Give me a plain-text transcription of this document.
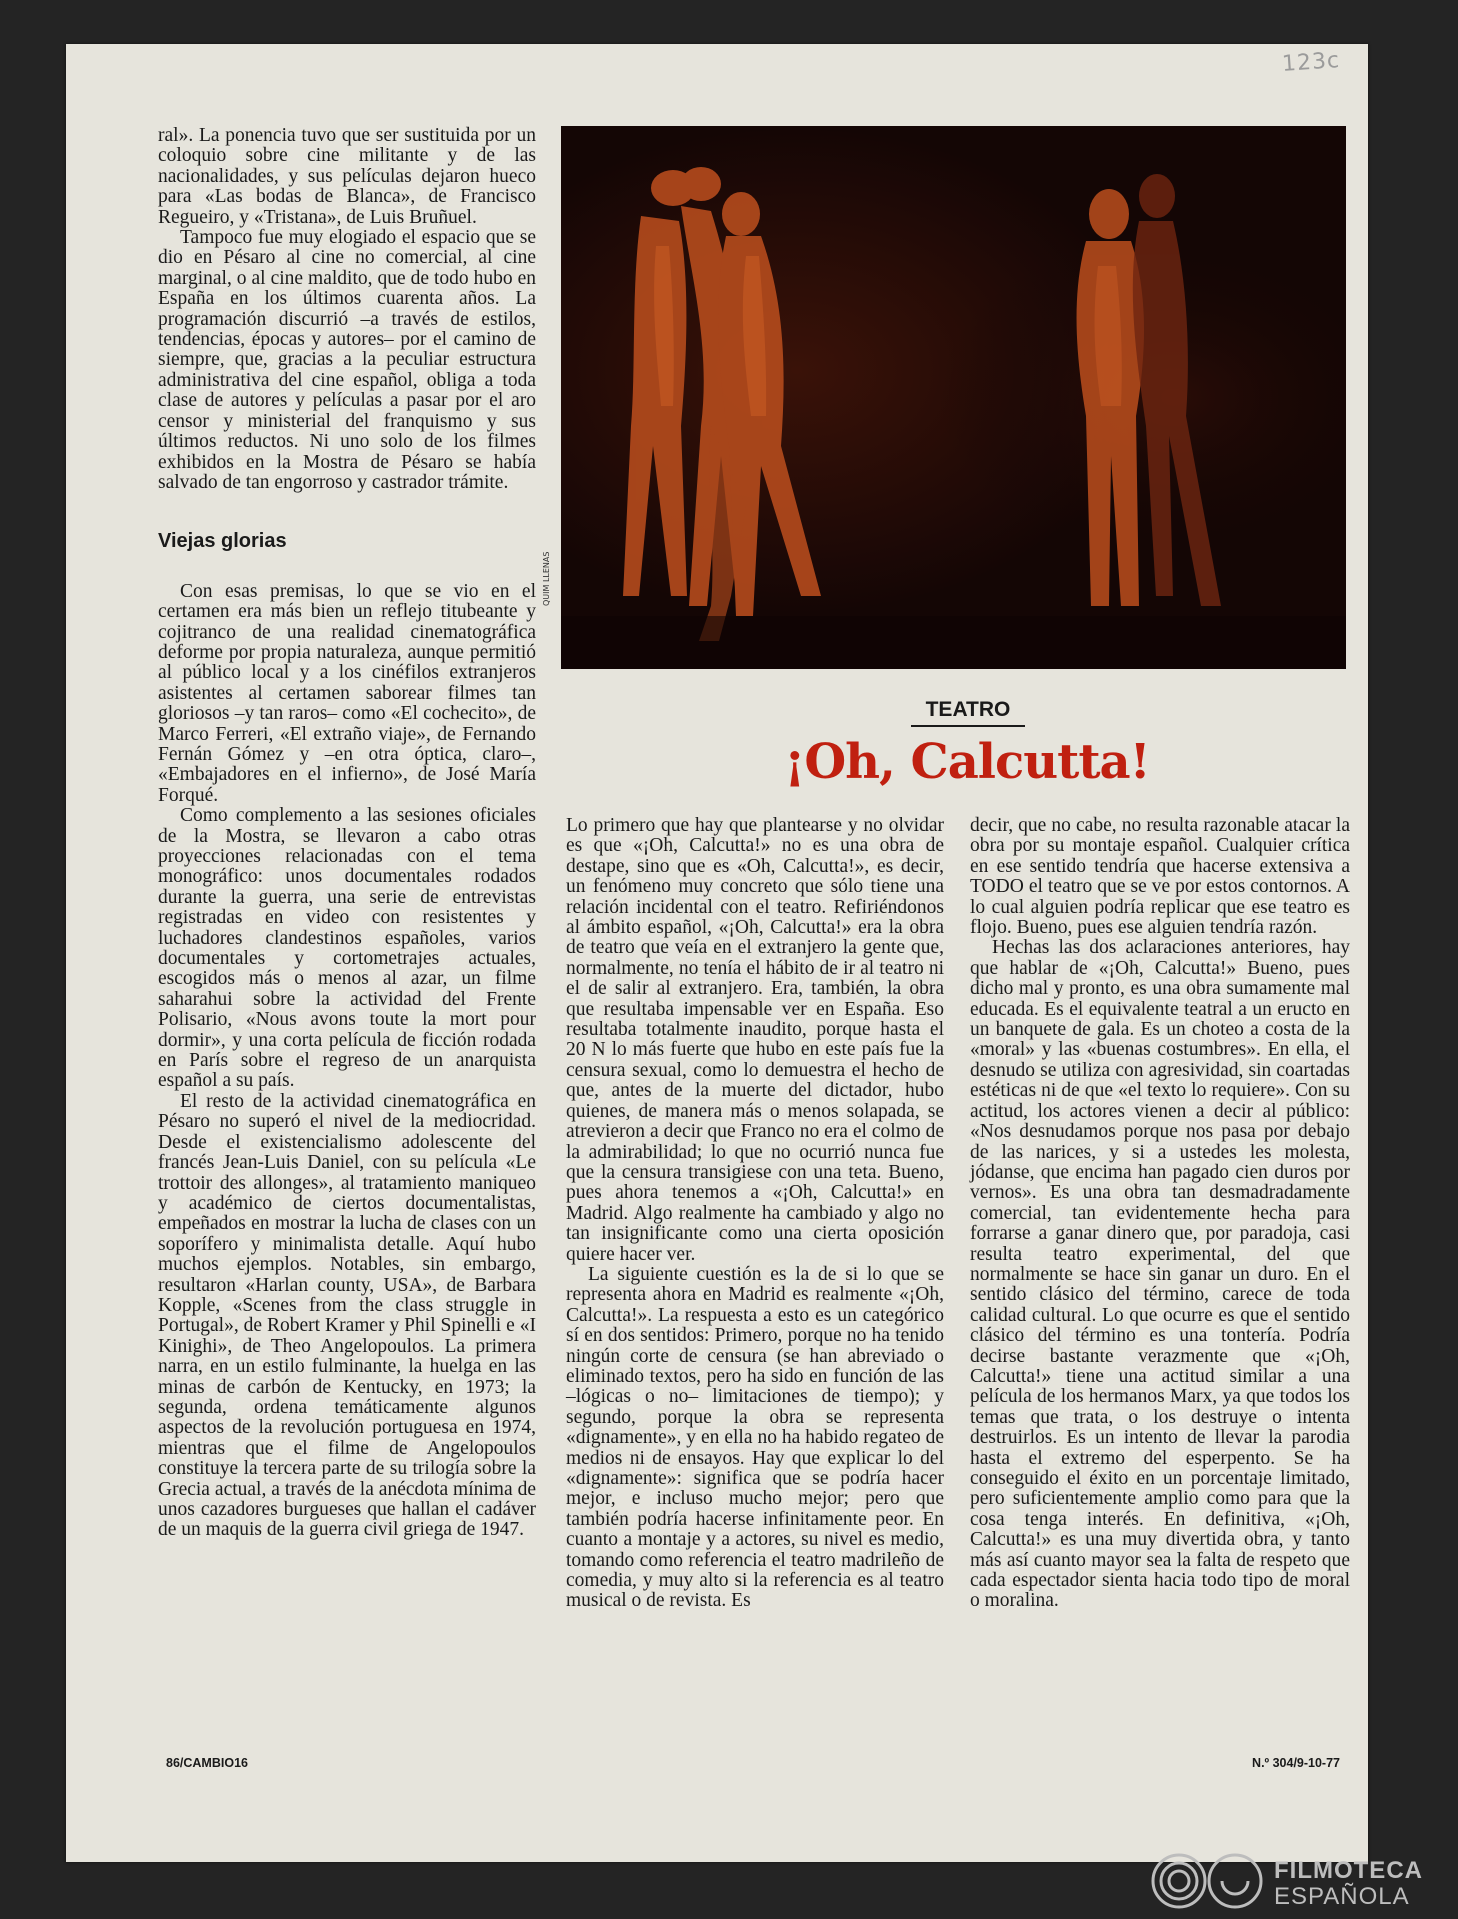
123c

ral». La ponencia tuvo que ser sustituida por un coloquio sobre cine militante y de las nacionalidades, y sus películas dejaron hueco para «Las bodas de Blanca», de Francisco Regueiro, y «Tristana», de Luis Bruñuel.

Tampoco fue muy elogiado el espacio que se dio en Pésaro al cine no comercial, al cine marginal, o al cine maldito, que de todo hubo en España en los últimos cuarenta años. La programación discurrió –a través de estilos, tendencias, épocas y autores– por el camino de siempre, que, gracias a la peculiar estructura administrativa del cine español, obliga a toda clase de autores y películas a pasar por el aro censor y ministerial del franquismo y sus últimos reductos. Ni uno solo de los filmes exhibidos en la Mostra de Pésaro se había salvado de tan engorroso y castrador trámite.

Viejas glorias

Con esas premisas, lo que se vio en el certamen era más bien un reflejo titubeante y cojitranco de una realidad cinematográfica deforme por propia naturaleza, aunque permitió al público local y a los cinéfilos extranjeros asistentes al certamen saborear filmes tan gloriosos –y tan raros– como «El cochecito», de Marco Ferreri, «El extraño viaje», de Fernando Fernán Gómez y –en otra óptica, claro–, «Embajadores en el infierno», de José María Forqué.

Como complemento a las sesiones oficiales de la Mostra, se llevaron a cabo otras proyecciones relacionadas con el tema monográfico: unos documentales rodados durante la guerra, una serie de entrevistas registradas en video con resistentes y luchadores clandestinos españoles, varios documentales y cortometrajes actuales, escogidos más o menos al azar, un filme saharahui sobre la actividad del Frente Polisario, «Nous avons toute la mort pour dormir», y una corta película de ficción rodada en París sobre el regreso de un anarquista español a su país.

El resto de la actividad cinematográfica en Pésaro no superó el nivel de la mediocridad. Desde el existencialismo adolescente del francés Jean-Luis Daniel, con su película «Le trottoir des allonges», al tratamiento maniqueo y académico de ciertos documentalistas, empeñados en mostrar la lucha de clases con un soporífero y minimalista detalle. Aquí hubo muchos ejemplos. Notables, sin embargo, resultaron «Harlan county, USA», de Barbara Kopple, «Scenes from the class struggle in Portugal», de Robert Kramer y Phil Spinelli e «I Kinighi», de Theo Angelopoulos. La primera narra, en un estilo fulminante, la huelga en las minas de carbón de Kentucky, en 1973; la segunda, ordena temáticamente algunos aspectos de la revolución portuguesa en 1974, mientras que el filme de Angelopoulos constituye la tercera parte de su trilogía sobre la Grecia actual, a través de la anécdota mínima de unos cazadores burgueses que hallan el cadáver de un maquis de la guerra civil griega de 1947.

QUIM LLENAS
TEATRO
¡Oh, Calcutta!

Lo primero que hay que plantearse y no olvidar es que «¡Oh, Calcutta!» no es una obra de destape, sino que es «Oh, Calcutta!», es decir, un fenómeno muy concreto que sólo tiene una relación incidental con el teatro. Refiriéndonos al ámbito español, «¡Oh, Calcutta!» era la obra de teatro que veía en el extranjero la gente que, normalmente, no tenía el hábito de ir al teatro ni el de salir al extranjero. Era, también, la obra que resultaba impensable ver en España. Eso resultaba totalmente inaudito, porque hasta el 20 N lo más fuerte que hubo en este país fue la censura sexual, como lo demuestra el hecho de que, antes de la muerte del dictador, hubo quienes, de manera más o menos solapada, se atrevieron a decir que Franco no era el colmo de la admirabilidad; lo que no ocurrió nunca fue que la censura transigiese con una teta. Bueno, pues ahora tenemos a «¡Oh, Calcutta!» en Madrid. Algo realmente ha cambiado y algo no tan insignificante como una cierta oposición quiere hacer ver.

La siguiente cuestión es la de si lo que se representa ahora en Madrid es realmente «¡Oh, Calcutta!». La respuesta a esto es un categórico sí en dos sentidos: Primero, porque no ha tenido ningún corte de censura (se han abreviado o eliminado textos, pero ha sido en función de las –lógicas o no– limitaciones de tiempo); y segundo, porque la obra se representa «dignamente», y en ella no ha habido regateo de medios ni de ensayos. Hay que explicar lo del «dignamente»: significa que se podría hacer mejor, e incluso mucho mejor; pero que también podría hacerse infinitamente peor. En cuanto a montaje y a actores, su nivel es medio, tomando como referencia el teatro madrileño de comedia, y muy alto si la referencia es al teatro musical o de revista. Es

decir, que no cabe, no resulta razonable atacar la obra por su montaje español. Cualquier crítica en ese sentido tendría que hacerse extensiva a TODO el teatro que se ve por estos contornos. A lo cual alguien podría replicar que ese teatro es flojo. Bueno, pues ese alguien tendría razón.

Hechas las dos aclaraciones anteriores, hay que hablar de «¡Oh, Calcutta!» Bueno, pues dicho mal y pronto, es una obra sumamente mal educada. Es el equivalente teatral a un eructo en un banquete de gala. Es un choteo a costa de la «moral» y las «buenas costumbres». En ella, el desnudo se utiliza con agresividad, sin coartadas estéticas ni de que «el texto lo requiere». Con su actitud, los actores vienen a decir al público: «Nos desnudamos porque nos pasa por debajo de las narices, y si a ustedes les molesta, jódanse, que encima han pagado cien duros por vernos». Es una obra tan desmadradamente comercial, tan evidentemente hecha para forrarse a ganar dinero que, por paradoja, casi resulta teatro experimental, del que normalmente se hace sin ganar un duro. En el sentido clásico del término, carece de toda calidad cultural. Lo que ocurre es que el sentido clásico del término es una tontería. Podría decirse bastante verazmente que «¡Oh, Calcutta!» tiene una actitud similar a una película de los hermanos Marx, ya que todos los temas que trata, o los destruye o intenta destruirlos. Es un intento de llevar la parodia hasta el extremo del esperpento. Se ha conseguido el éxito en un porcentaje limitado, pero suficientemente amplio como para que la cosa tenga interés. En definitiva, «¡Oh, Calcutta!» es una muy divertida obra, y tanto más así cuanto mayor sea la falta de respeto que cada espectador sienta hacia todo tipo de moral o moralina.

86/CAMBIO16	N.º 304/9-10-77
FILMOTECA
ESPAÑOLA
